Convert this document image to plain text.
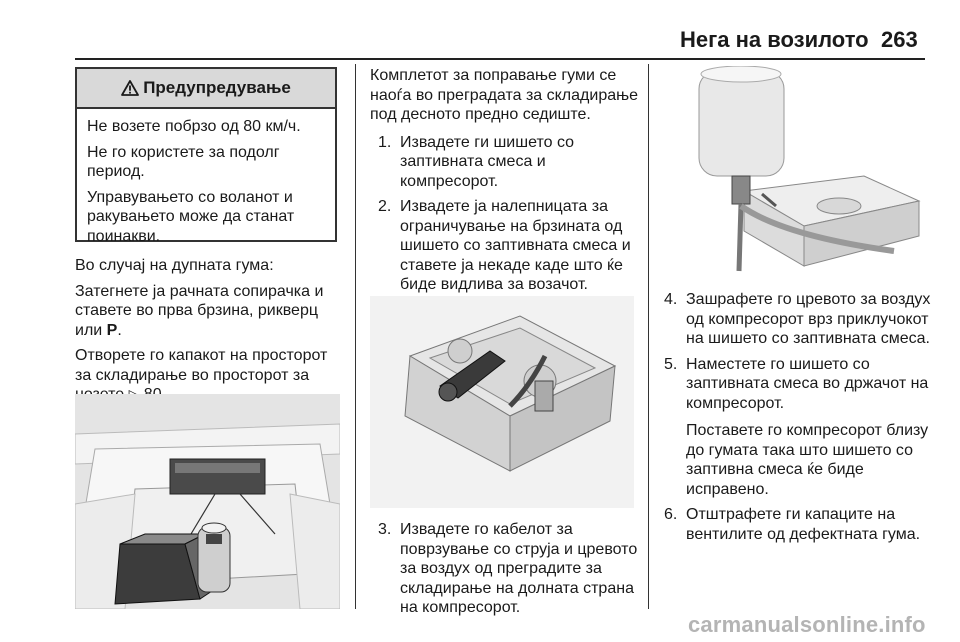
Нега на возилото 263
Предупредување

Не возете побрзо од 80 км/ч.

Не го користете за подолг период.

Управувањето со воланот и ракувањето може да станат поинакви.

Во случај на дупната гума:

Затегнете ја рачната сопирачка и ставете во прва брзина, рикверц или P.

Отворете го капакот на просторот за складирање во просторот за

Комплетот за поправање гуми се наоѓа во преградата за складирање под десното предно седиште.

1. Извадете ги шишето со заптивната смеса и компресорот.
2. Извадете ја налепницата за ограничување на брзината од шишето со заптивната смеса и ставете ја некаде каде што ќе биде видлива за возачот.
3. Извадете го кабелот за поврзување со струја и цревото за воздух од преградите за складирање на долната страна на компресорот.
4. Зашрафете го цревото за воздух од компресорот врз приклучокот на шишето со заптивната смеса.
5. Наместете го шишето со заптивната смеса во држачот на компресорот.

Поставете го компресорот близу до гумата така што шишето со заптивна смеса ќе биде исправено.

6. Отштрафете ги капаците на вентилите од дефектната гума.
carmanualsonline.info
